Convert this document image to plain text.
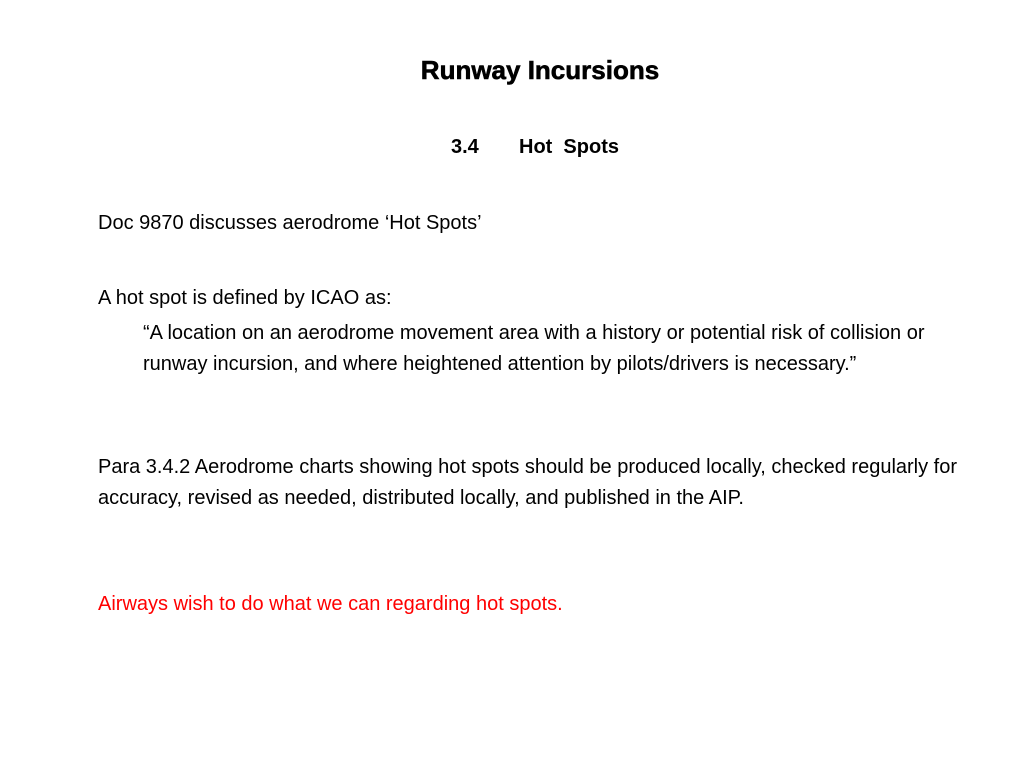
Runway Incursions
3.4 Hot  Spots
Doc 9870 discusses aerodrome ‘Hot Spots’
A hot spot is defined by ICAO as:
“A location on an aerodrome movement area with a history or potential risk of collision or runway incursion, and where heightened attention by pilots/drivers is necessary.”
Para 3.4.2 Aerodrome charts showing hot spots should be produced locally, checked regularly for accuracy, revised as needed, distributed locally, and published in the AIP.
Airways wish to do what we can regarding hot spots.
